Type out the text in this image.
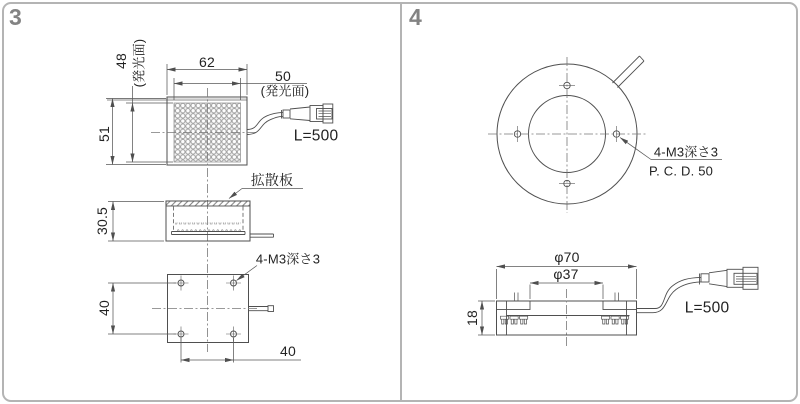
3	4
62
50
(発光面)
48 (発光面)
51	L=500
拡散板
30.5
4-M3深さ3
40
40
4-M3深さ3
P. C. D. 50
φ70
φ37
18
L=500
